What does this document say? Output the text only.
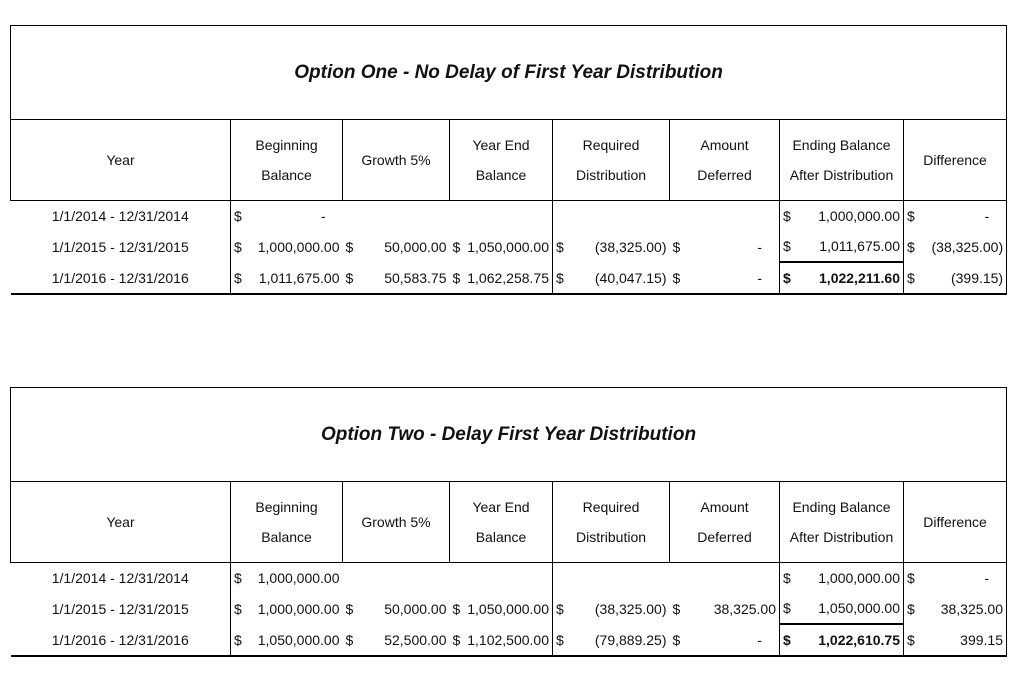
Option One - No Delay of First Year Distribution							
Year	Beginning Balance	Growth 5%	Year End Balance	Required Distribution	Amount Deferred	Ending Balance After Distribution	Difference
1/1/2014 - 12/31/2014	$ -					$ 1,000,000.00	$ -

1/1/2015 - 12/31/2015	$ 1,000,000.00	$ 50,000.00	$ 1,050,000.00	$ (38,325.00)	$ -	$ 1,011,675.00	$ (38,325.00)

1/1/2016 - 12/31/2016	$ 1,011,675.00	$ 50,583.75	$ 1,062,258.75	$ (40,047.15)	$ -	$ 1,022,211.60	$ (399.15)
Option Two - Delay First Year Distribution							
Year	Beginning Balance	Growth 5%	Year End Balance	Required Distribution	Amount Deferred	Ending Balance After Distribution	Difference
1/1/2014 - 12/31/2014	$ 1,000,000.00					$ 1,000,000.00	$ -

1/1/2015 - 12/31/2015	$ 1,000,000.00	$ 50,000.00	$ 1,050,000.00	$ (38,325.00)	$ 38,325.00	$ 1,050,000.00	$ 38,325.00

1/1/2016 - 12/31/2016	$ 1,050,000.00	$ 52,500.00	$ 1,102,500.00	$ (79,889.25)	$ -	$ 1,022,610.75	$ 399.15
